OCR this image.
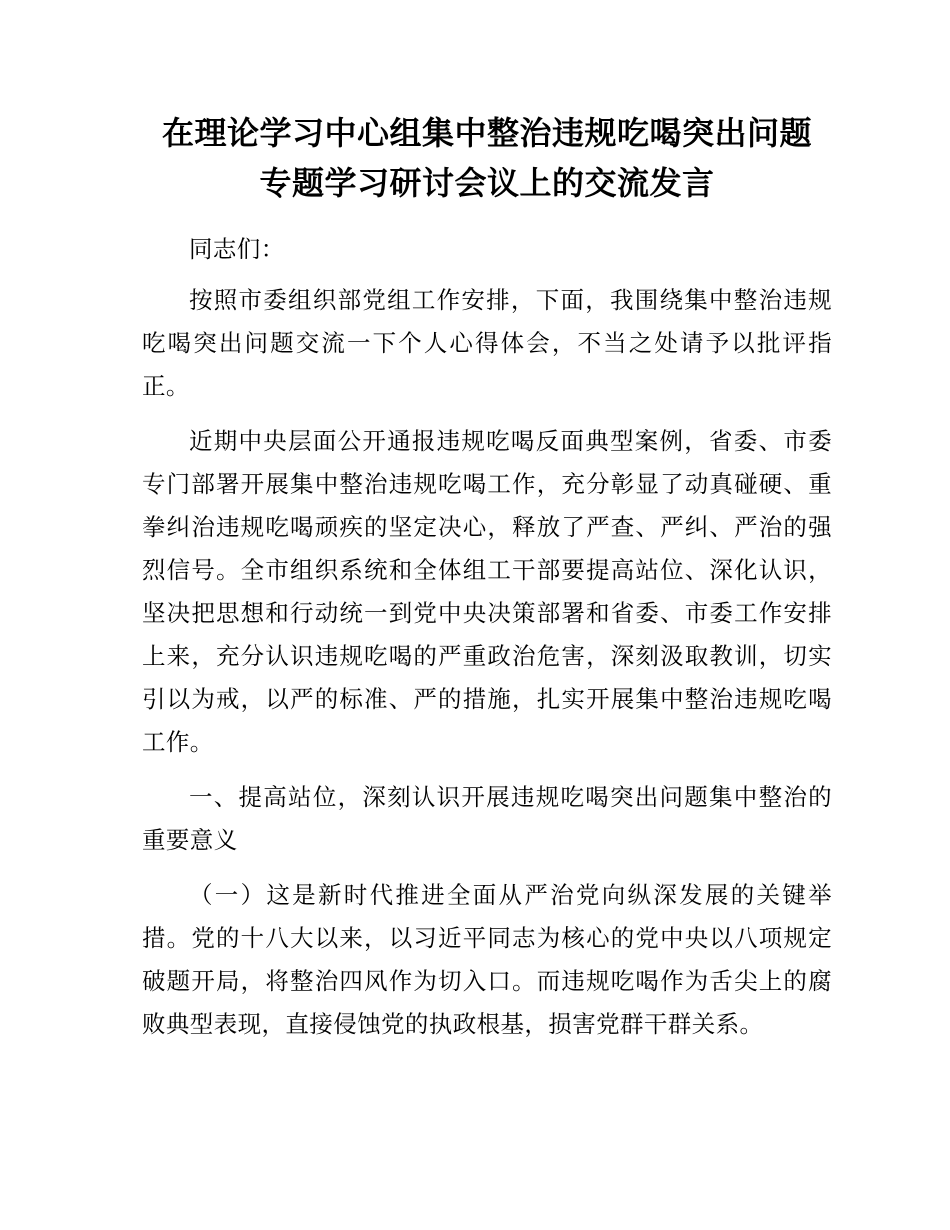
在理论学习中心组集中整治违规吃喝突出问题
专题学习研讨会议上的交流发言

同志们：

按照市委组织部党组工作安排，下面，我围绕集中整治违规吃喝突出问题交流一下个人心得体会，不当之处请予以批评指正。

近期中央层面公开通报违规吃喝反面典型案例，省委、市委专门部署开展集中整治违规吃喝工作，充分彰显了动真碰硬、重拳纠治违规吃喝顽疾的坚定决心，释放了严查、严纠、严治的强烈信号。全市组织系统和全体组工干部要提高站位、深化认识，坚决把思想和行动统一到党中央决策部署和省委、市委工作安排上来，充分认识违规吃喝的严重政治危害，深刻汲取教训，切实引以为戒，以严的标准、严的措施，扎实开展集中整治违规吃喝工作。

一、提高站位，深刻认识开展违规吃喝突出问题集中整治的重要意义

（一）这是新时代推进全面从严治党向纵深发展的关键举措。党的十八大以来，以习近平同志为核心的党中央以八项规定破题开局，将整治四风作为切入口。而违规吃喝作为舌尖上的腐败典型表现，直接侵蚀党的执政根基，损害党群干群关系。
